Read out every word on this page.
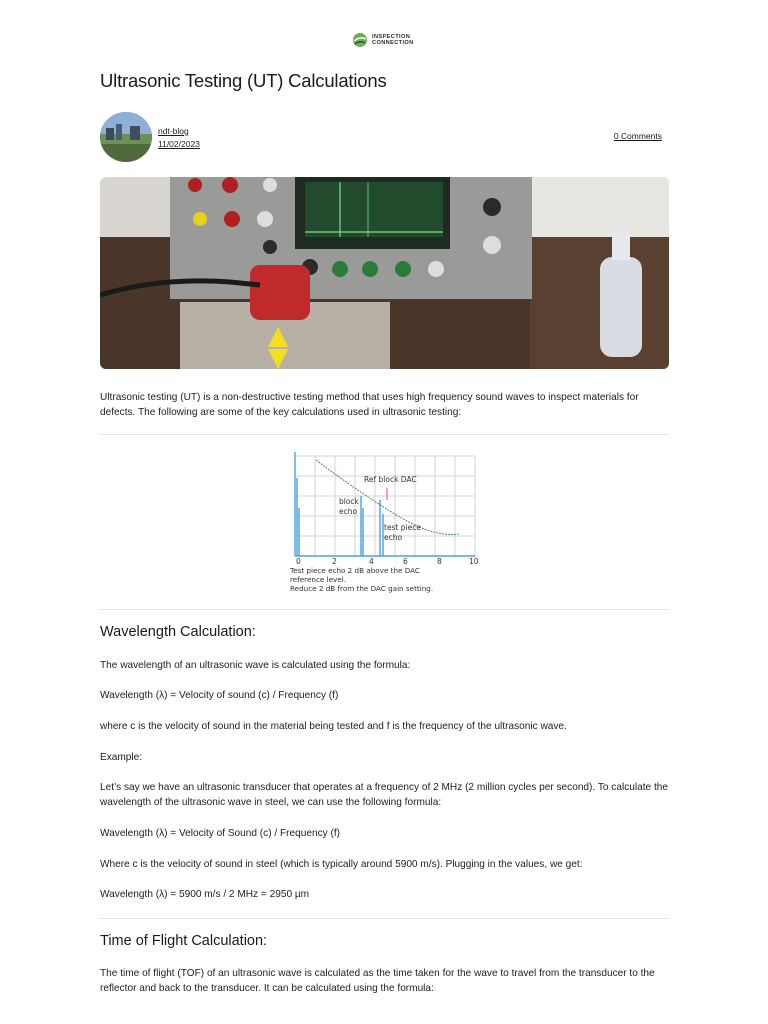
INSPECTION
CONNECTION
Ultrasonic Testing (UT) Calculations
ndt-blog
11/02/2023
0 Comments

Ultrasonic testing (UT) is a non-destructive testing method that uses high frequency sound waves to inspect materials for defects. The following are some of the key calculations used in ultrasonic testing:

Ref block DAC
block
echo
test piece
echo
0	2	4	6	8	10
Test piece echo 2 dB above the DAC
reference level.
Reduce 2 dB from the DAC gain setting.
Wavelength Calculation:

The wavelength of an ultrasonic wave is calculated using the formula:

Wavelength (λ) = Velocity of sound (c) / Frequency (f)

where c is the velocity of sound in the material being tested and f is the frequency of the ultrasonic wave.

Example:

Let’s say we have an ultrasonic transducer that operates at a frequency of 2 MHz (2 million cycles per second). To calculate the wavelength of the ultrasonic wave in steel, we can use the following formula:

Wavelength (λ) = Velocity of Sound (c) / Frequency (f)

Where c is the velocity of sound in steel (which is typically around 5900 m/s). Plugging in the values, we get:

Wavelength (λ) = 5900 m/s / 2 MHz = 2950 µm

Time of Flight Calculation:

The time of flight (TOF) of an ultrasonic wave is calculated as the time taken for the wave to travel from the transducer to the reflector and back to the transducer. It can be calculated using the formula:
